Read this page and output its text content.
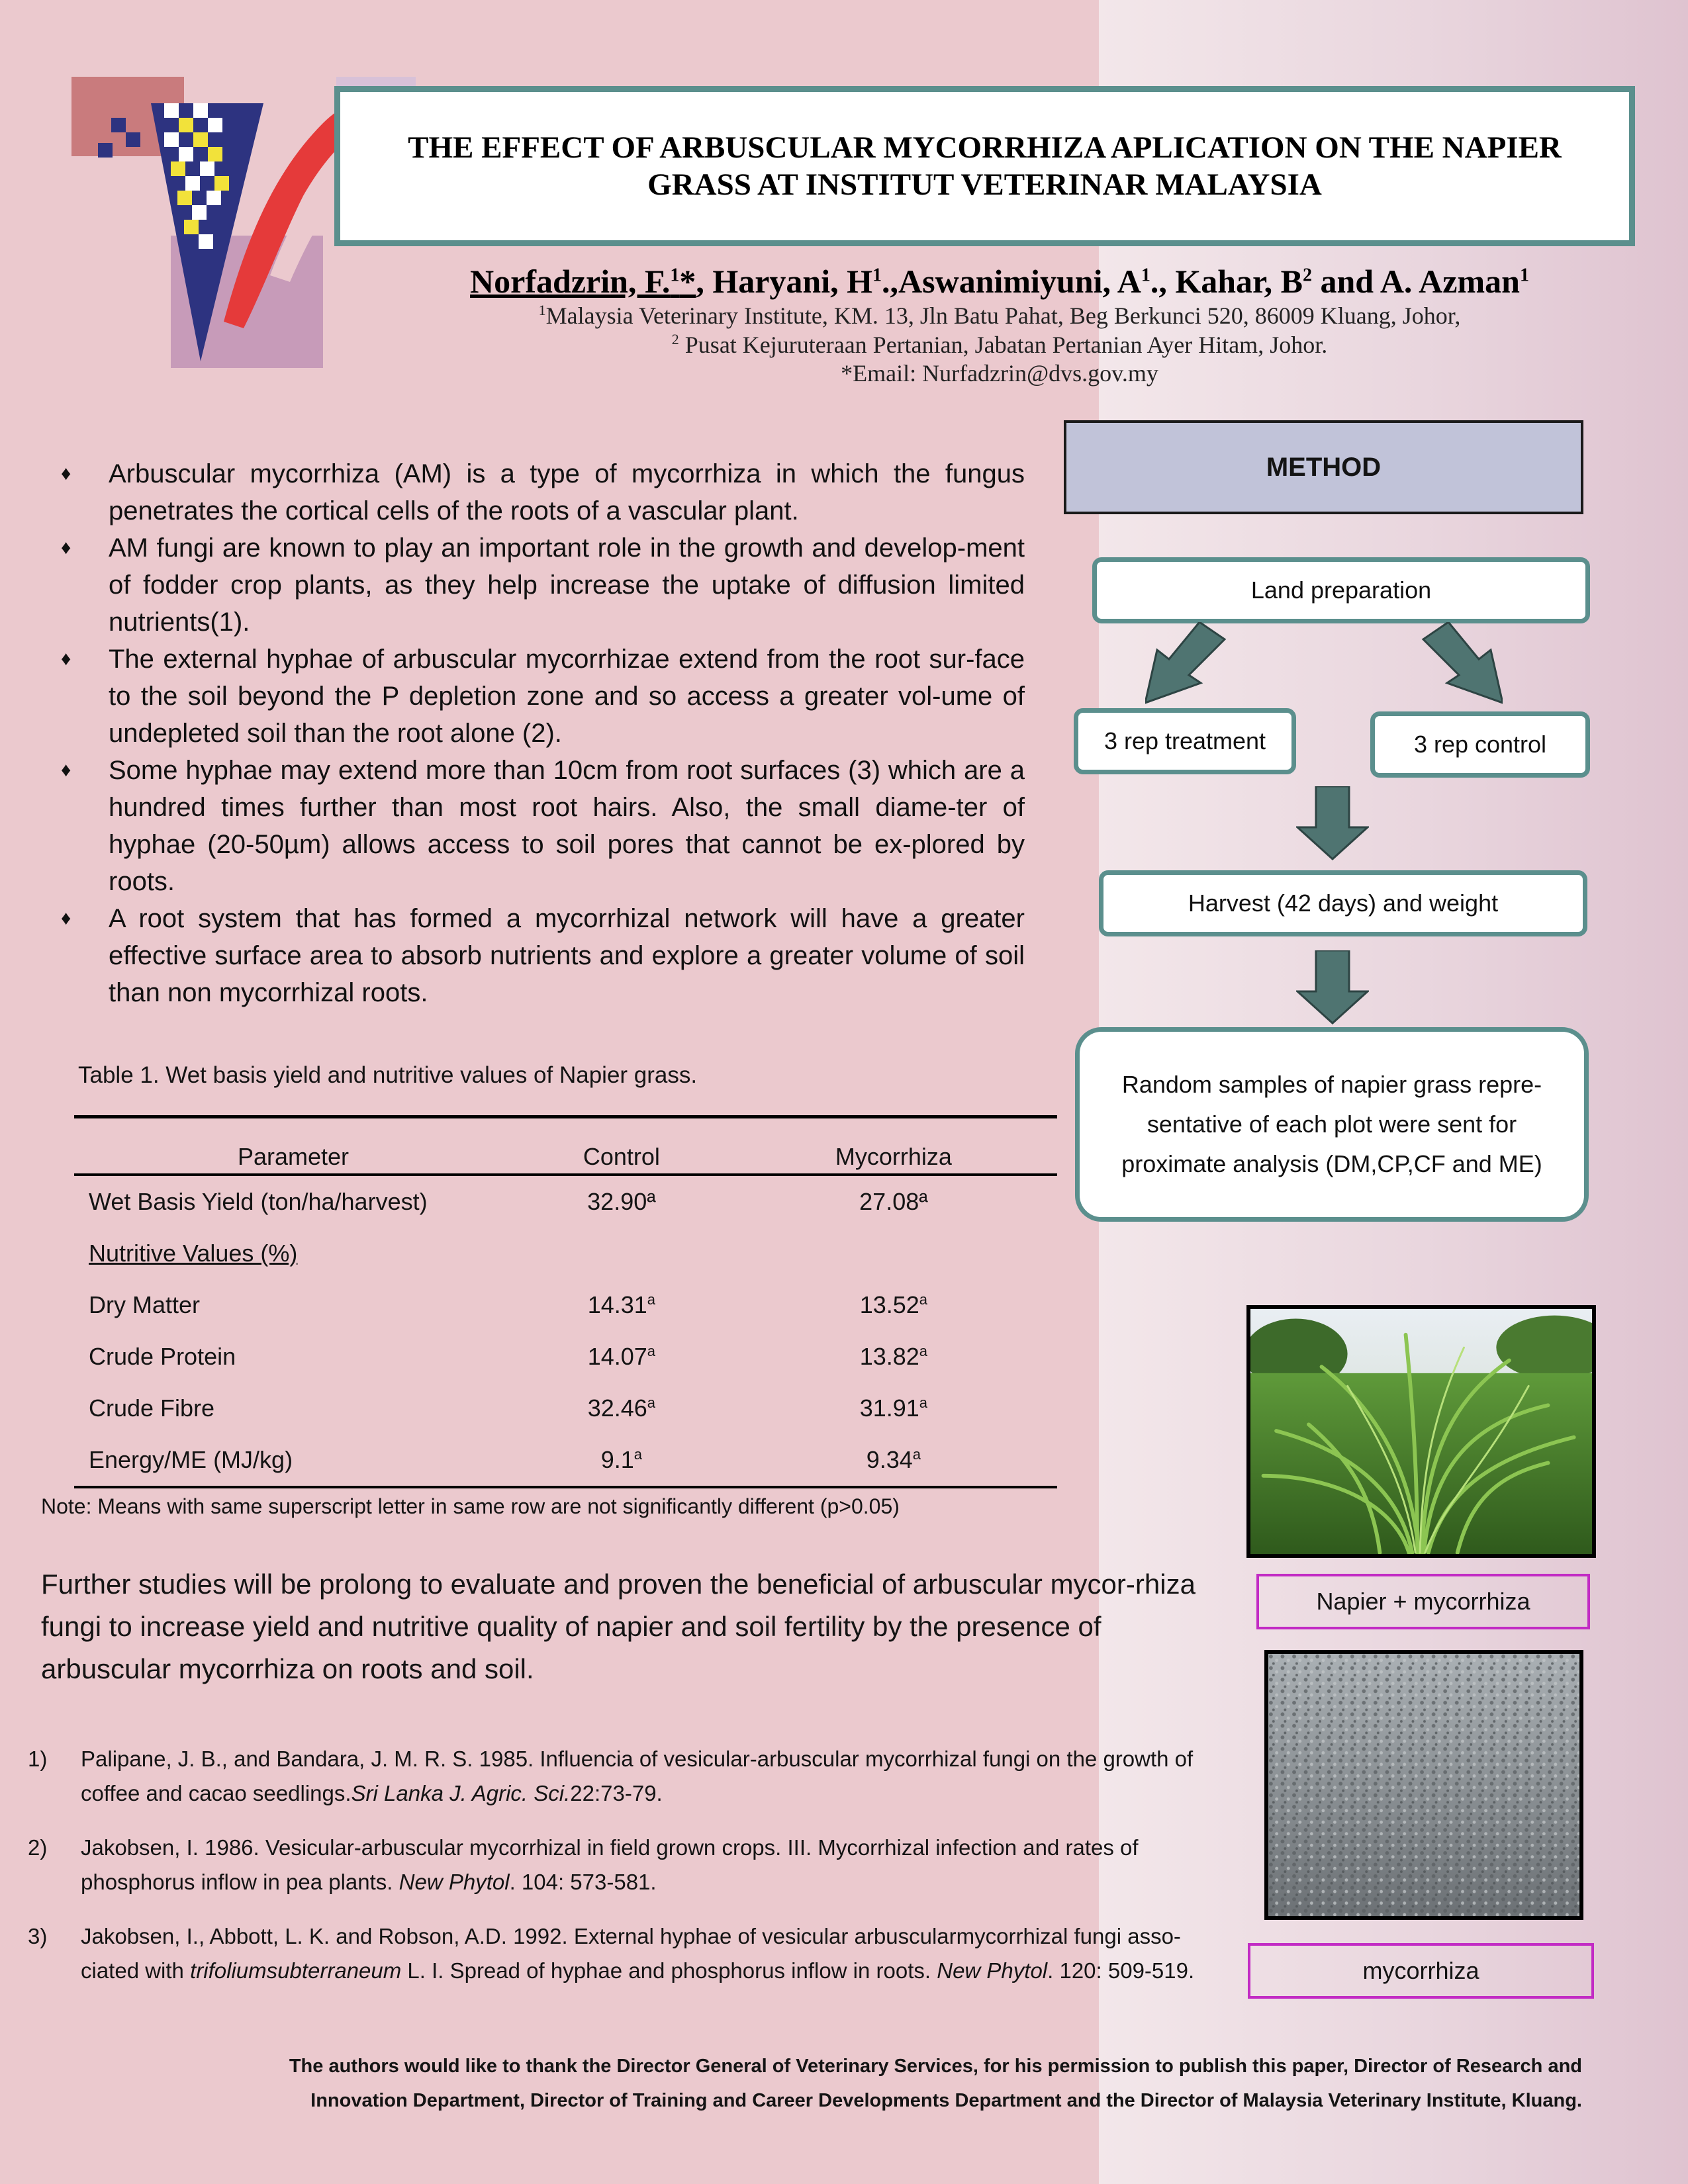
THE EFFECT OF ARBUSCULAR MYCORRHIZA APLICATION ON THE NAPIER GRASS AT INSTITUT VETERINAR MALAYSIA
Norfadzrin, F.$^1$*, Haryani, $H^1.,Aswanimiyuni$, $A^1$., Kahar, $B^2$ and A. Azman$^1$
$^1$Malaysia Veterinary Institute, KM. 13, Jln Batu Pahat, Beg Berkunci 520, 86009 Kluang, Johor,
$^2$ Pusat Kejuruteraan Pertanian, Jabatan Pertanian Ayer Hitam, Johor.
*Email: Nurfadzrin@dvs.gov.my
♦ Arbuscular mycorrhiza (AM) is a type of mycorrhiza in which the fungus penetrates the cortical cells of the roots of a vascular plant.
♦ AM fungi are known to play an important role in the growth and develop-ment of fodder crop plants, as they help increase the uptake of diffusion limited nutrients(1).
♦ The external hyphae of arbuscular mycorrhizae extend from the root sur-face to the soil beyond the P depletion zone and so access a greater vol-ume of undepleted soil than the root alone (2).
♦ Some hyphae may extend more than 10cm from root surfaces (3) which are a hundred times further than most root hairs. Also, the small diame-ter of hyphae (20-50µm) allows access to soil pores that cannot be ex-plored by roots.
♦ A root system that has formed a mycorrhizal network will have a greater effective surface area to absorb nutrients and explore a greater volume of soil than non mycorrhizal roots.
Table 1. Wet basis yield and nutritive values of Napier grass.
Parameter	Control	Mycorrhiza
Wet Basis Yield (ton/ha/harvest)	32.90ª	27.08ª
Nutritive Values (%)		
Dry Matter	14.31$^a$	13.52$^a$
Crude Protein	14.07$^a$	13.82$^a$
Crude Fibre	32.46$^a$	31.91$^a$
Energy/ME (MJ/kg)	9.1$^a$	9.34$^a$
Note: Means with same superscript letter in same row are not significantly different (p>0.05)
Further studies will be prolong to evaluate and proven the beneficial of arbuscular mycor-rhiza fungi to increase yield and nutritive quality of napier and soil fertility by the presence of arbuscular mycorrhiza on roots and soil.
1) Palipane, J. B., and Bandara, J. M. R. S. 1985. Influencia of vesicular-arbuscular mycorrhizal fungi on the growth of coffee and cacao seedlings.Sri Lanka J. Agric. Sci.22:73-79.
2) Jakobsen, I. 1986. Vesicular-arbuscular mycorrhizal in field grown crops. III. Mycorrhizal infection and rates of phosphorus inflow in pea plants. New Phytol. 104: 573-581.
3) Jakobsen, I., Abbott, L. K. and Robson, A.D. 1992. External hyphae of vesicular arbuscularmycorrhizal fungi asso-ciated with trifoliumsubterraneum L. I. Spread of hyphae and phosphorus inflow in roots. New Phytol. 120: 509-519.
The authors would like to thank the Director General of Veterinary Services, for his permission to publish this paper, Director of Research and Innovation Department, Director of Training and Career Developments Department and the Director of Malaysia Veterinary Institute, Kluang.
METHOD
Land preparation
3 rep treatment	3 rep control
Harvest (42 days) and weight
Random samples of napier grass repre-sentative of each plot were sent for proximate analysis (DM,CP,CF and ME)
Napier + mycorrhiza
mycorrhiza
